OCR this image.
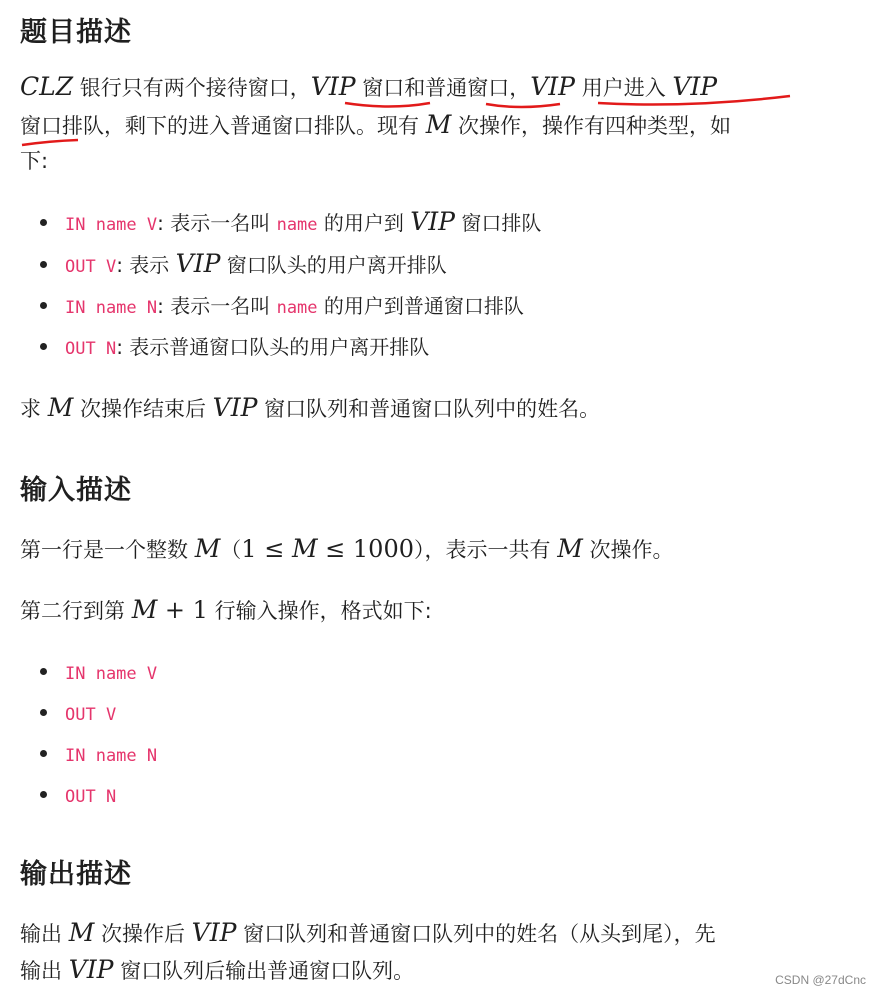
题目描述
CLZ 银行只有两个接待窗口，VIP 窗口和普通窗口，VIP 用户进入 VIP
窗口排队，剩下的进入普通窗口排队。现有 M 次操作，操作有四种类型，如
下:
IN name V: 表示一名叫 name 的用户到 VIP 窗口排队
OUT V: 表示 VIP 窗口队头的用户离开排队
IN name N: 表示一名叫 name 的用户到普通窗口排队
OUT N: 表示普通窗口队头的用户离开排队
求 M 次操作结束后 VIP 窗口队列和普通窗口队列中的姓名。
输入描述
第一行是一个整数 M（1 ≤ M ≤ 1000），表示一共有 M 次操作。
第二行到第 M + 1 行输入操作，格式如下:
IN name V
OUT V
IN name N
OUT N
输出描述
输出 M 次操作后 VIP 窗口队列和普通窗口队列中的姓名（从头到尾），先
输出 VIP 窗口队列后输出普通窗口队列。	CSDN @27dCnc
